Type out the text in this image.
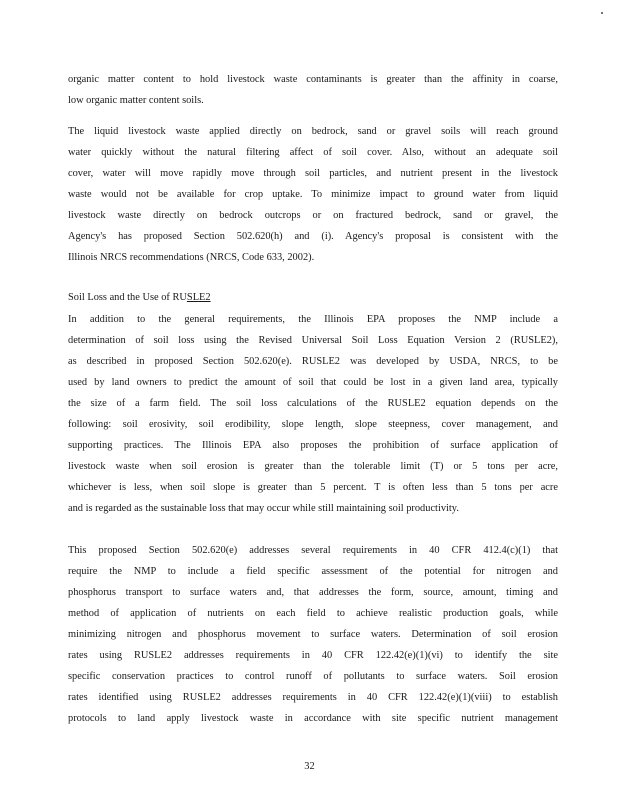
organic matter content to hold livestock waste contaminants is greater than the affinity in coarse,
low organic matter content soils.

The liquid livestock waste applied directly on bedrock, sand or gravel soils will reach ground
water quickly without the natural filtering affect of soil cover. Also, without an adequate soil
cover, water will move rapidly move through soil particles, and nutrient present in the livestock
waste would not be available for crop uptake. To minimize impact to ground water from liquid
livestock waste directly on bedrock outcrops or on fractured bedrock, sand or gravel, the
Agency's has proposed Section 502.620(h) and (i). Agency's proposal is consistent with the
Illinois NRCS recommendations (NRCS, Code 633, 2002).

Soil Loss and the Use of RUSLE2

In addition to the general requirements, the Illinois EPA proposes the NMP include a
determination of soil loss using the Revised Universal Soil Loss Equation Version 2 (RUSLE2),
as described in proposed Section 502.620(e). RUSLE2 was developed by USDA, NRCS, to be
used by land owners to predict the amount of soil that could be lost in a given land area, typically
the size of a farm field. The soil loss calculations of the RUSLE2 equation depends on the
following: soil erosivity, soil erodibility, slope length, slope steepness, cover management, and
supporting practices. The Illinois EPA also proposes the prohibition of surface application of
livestock waste when soil erosion is greater than the tolerable limit (T) or 5 tons per acre,
whichever is less, when soil slope is greater than 5 percent. T is often less than 5 tons per acre
and is regarded as the sustainable loss that may occur while still maintaining soil productivity.

This proposed Section 502.620(e) addresses several requirements in 40 CFR 412.4(c)(1) that
require the NMP to include a field specific assessment of the potential for nitrogen and
phosphorus transport to surface waters and, that addresses the form, source, amount, timing and
method of application of nutrients on each field to achieve realistic production goals, while
minimizing nitrogen and phosphorus movement to surface waters. Determination of soil erosion
rates using RUSLE2 addresses requirements in 40 CFR 122.42(e)(1)(vi) to identify the site
specific conservation practices to control runoff of pollutants to surface waters. Soil erosion
rates identified using RUSLE2 addresses requirements in 40 CFR 122.42(e)(1)(viii) to establish
protocols to land apply livestock waste in accordance with site specific nutrient management

32
